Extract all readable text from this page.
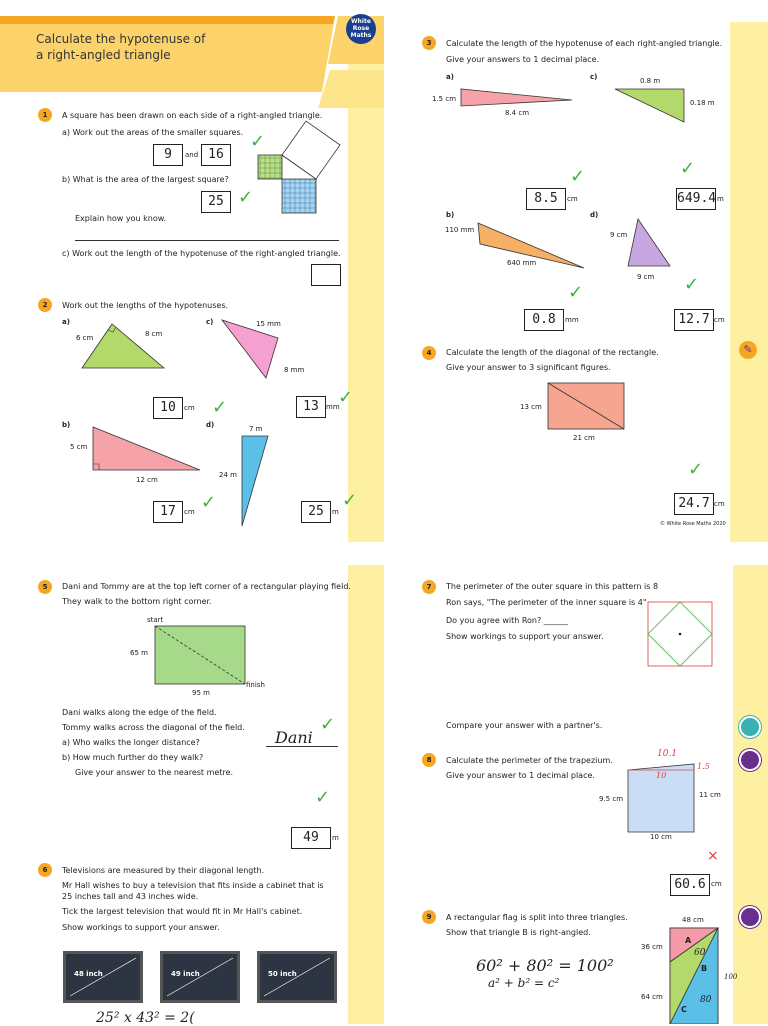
Calculate the hypotenuse of
a right-angled triangle
White
Rose
Maths
1	A square has been drawn on each side of a right-angled triangle.
a) Work out the areas of the smaller squares.
9	and 16
✓
b) What is the area of the largest square?
25 ✓
Explain how you know.
c) Work out the length of the hypotenuse of the right-angled triangle.
2	Work out the lengths of the hypotenuses.
a)
6 cm	8 cm
10	cm ✓
c)	15 mm
8 mm
13	mm
✓
b)
5 cm
12 cm
17	cm ✓
d)	7 m
24 m
25	m
✓
3	Calculate the length of the hypotenuse of each right-angled triangle.
Give your answers to 1 decimal place.
a)
1.5 cm
8.4 cm
8.5	cm
✓
c)	0.8 m
0.18 m
649.4 m
✓
b)
110 mm
640 mm
0.8	mm
✓
d)
9 cm
9 cm
12.7 cm
✓
✎
4	Calculate the length of the diagonal of the rectangle.
Give your answer to 3 significant figures.
13 cm
21 cm
24.7 cm
✓
© White Rose Maths 2020
5	Dani and Tommy are at the top left corner of a rectangular playing field.
They walk to the bottom right corner.
start
65 m
95 m
finish
Dani walks along the edge of the field.
Tommy walks across the diagonal of the field.
a) Who walks the longer distance?
b) How much further do they walk?
Give your answer to the nearest metre.
Dani
✓
49	m
✓
6	Televisions are measured by their diagonal length.
Mr Hall wishes to buy a television that fits inside a cabinet that is
25 inches tall and 43 inches wide.
Tick the largest television that would fit in Mr Hall's cabinet.
Show workings to support your answer.
48 inch	49 inch	50 inch
25² x 43² = 2(
7	The perimeter of the outer square in this pattern is 8
Ron says, "The perimeter of the inner square is 4"
Do you agree with Ron? ______
Show workings to support your answer.
Compare your answer with a partner's.
8	Calculate the perimeter of the trapezium.
Give your answer to 1 decimal place.
10.1
10
1.5
9.5 cm	11 cm
10 cm
×
60.6 cm
9	A rectangular flag is split into three triangles.
Show that triangle B is right-angled.
48 cm
A
B
C
60
80
100
36 cm
64 cm
60² + 80² = 100²
a² + b² = c²
